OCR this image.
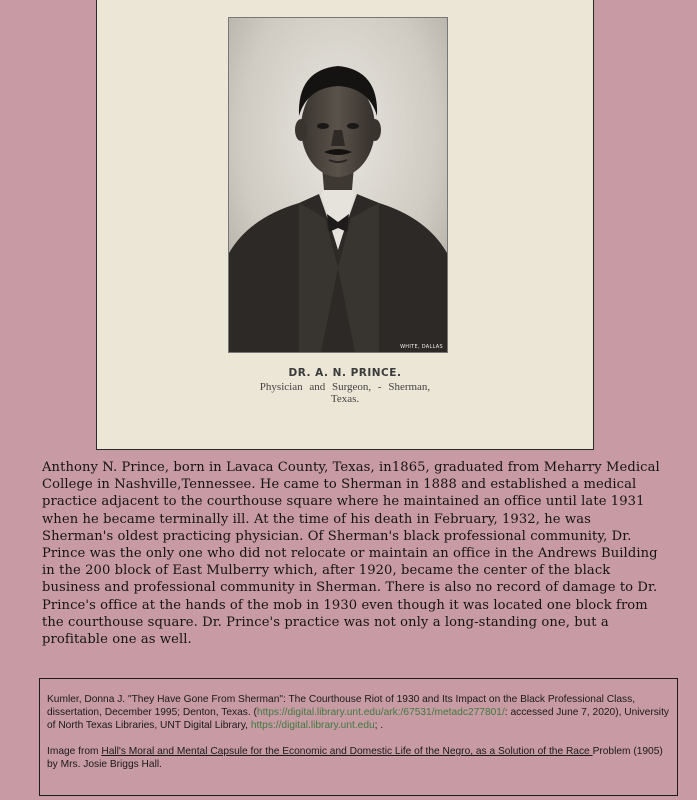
WHITE, DALLAS
DR. A. N. PRINCE.
Physician and Surgeon, - Sherman,
Texas.

Anthony N. Prince, born in Lavaca County, Texas, in1865, graduated from Meharry Medical College in Nashville,Tennessee. He came to Sherman in 1888 and established a medical practice adjacent to the courthouse square where he maintained an office until late 1931 when he became terminally ill. At the time of his death in February, 1932, he was Sherman's oldest practicing physician. Of Sherman's black professional community, Dr. Prince was the only one who did not relocate or maintain an office in the Andrews Building in the 200 block of East Mulberry which, after 1920, became the center of the black business and professional community in Sherman. There is also no record of damage to Dr. Prince's office at the hands of the mob in 1930 even though it was located one block from the courthouse square. Dr. Prince's practice was not only a long-standing one, but a profitable one as well.

Kumler, Donna J. "They Have Gone From Sherman": The Courthouse Riot of 1930 and Its Impact on the Black Professional Class, dissertation, December 1995; Denton, Texas. (https://digital.library.unt.edu/ark:/67531/metadc277801/: accessed June 7, 2020), University of North Texas Libraries, UNT Digital Library, https://digital.library.unt.edu; .

Image from Hall's Moral and Mental Capsule for the Economic and Domestic Life of the Negro, as a Solution of the Race Problem (1905) by Mrs. Josie Briggs Hall.
